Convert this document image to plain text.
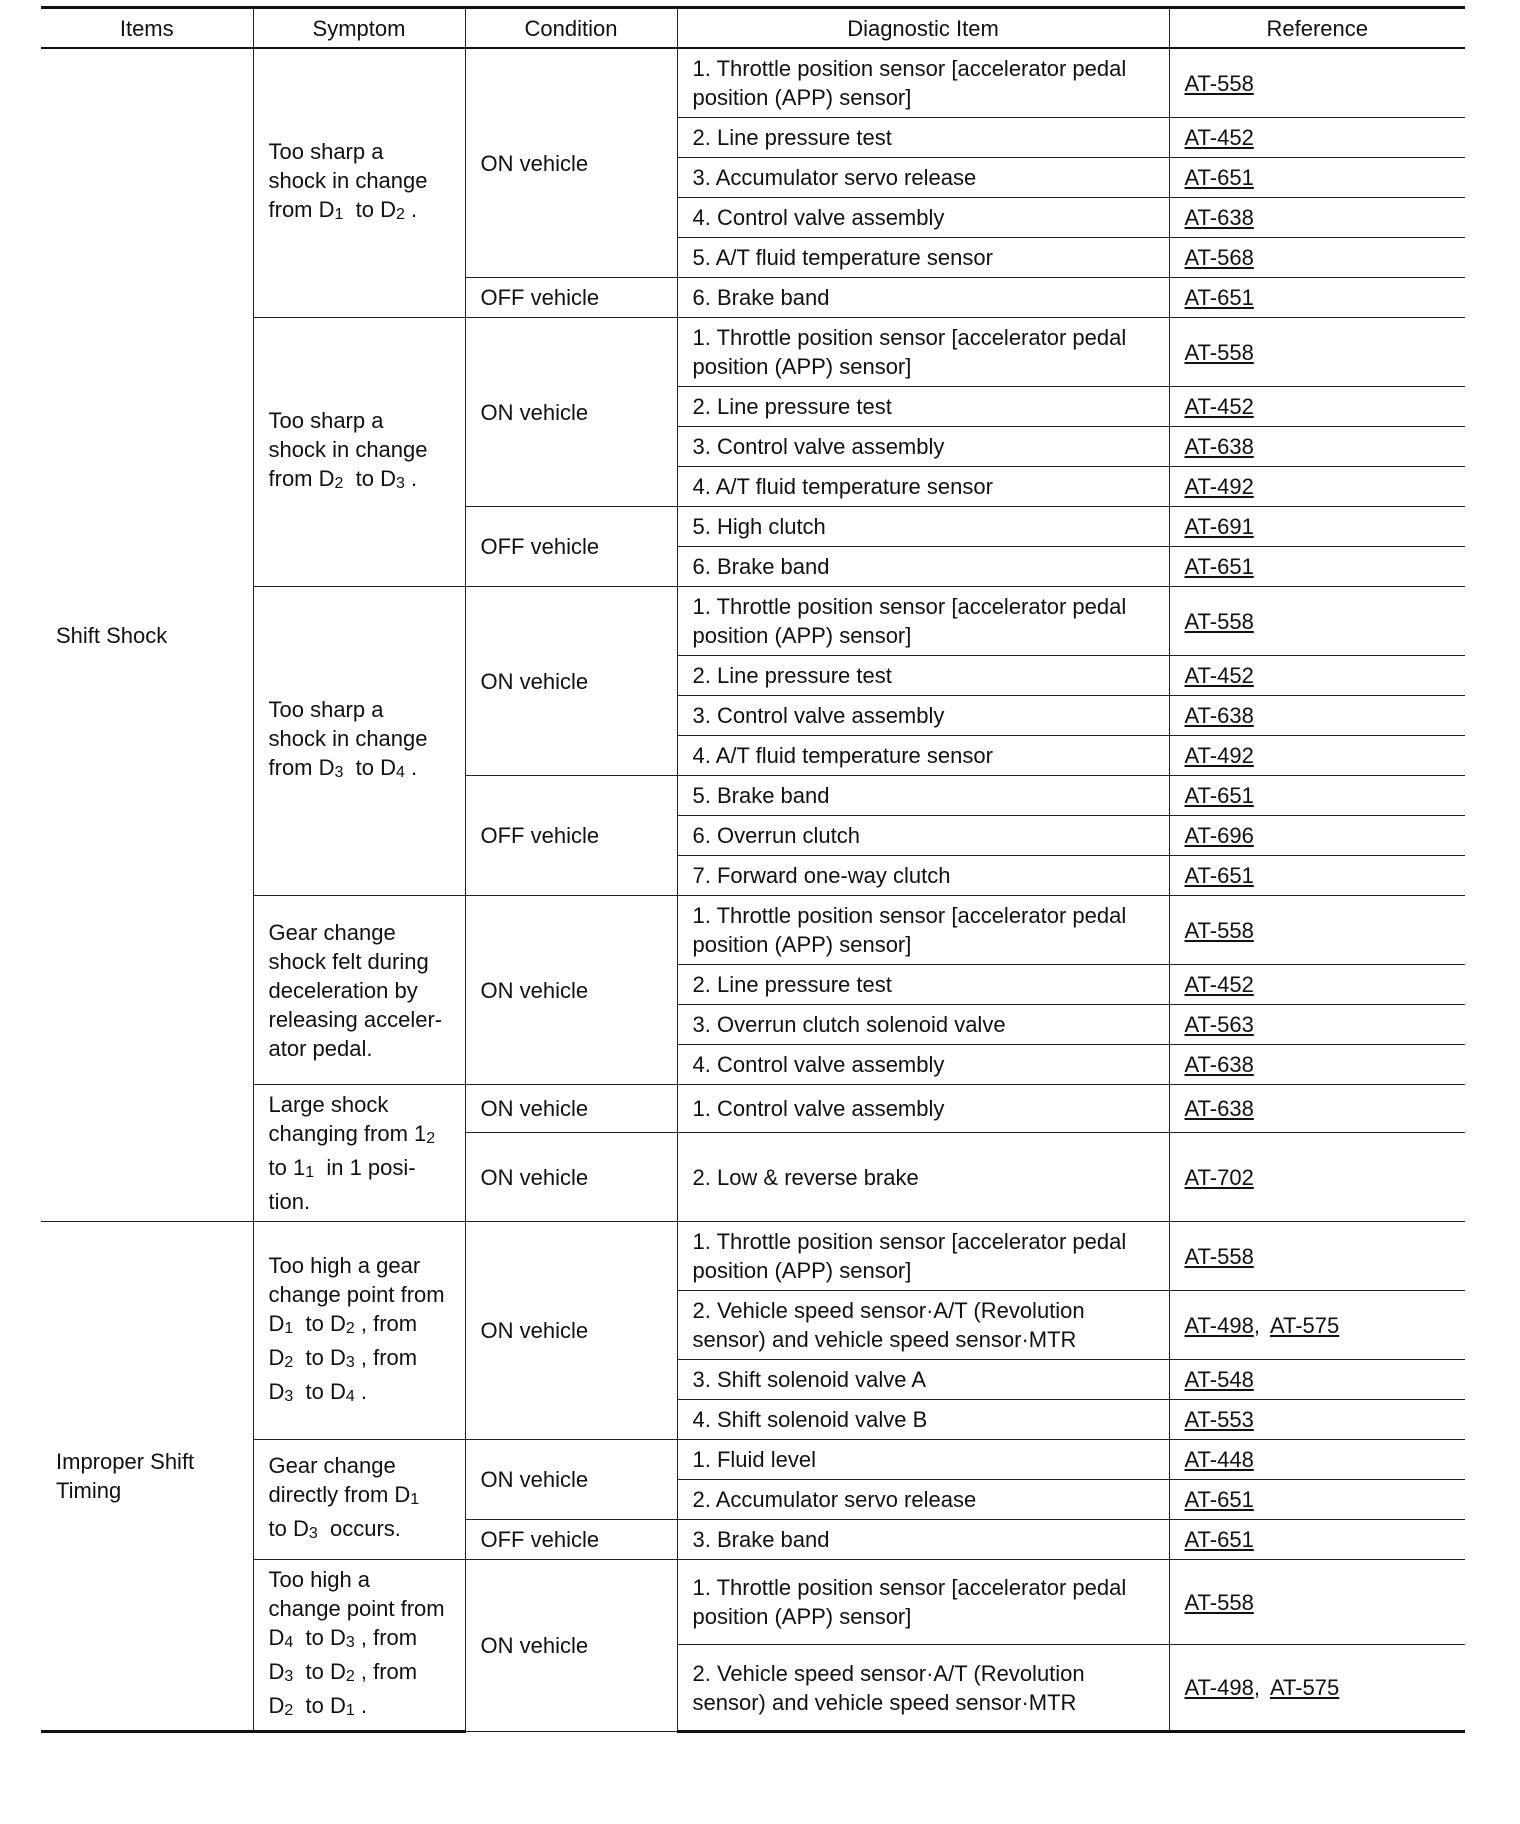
Items	Symptom	Condition	Diagnostic Item	Reference
Shift Shock	Too sharp a
shock in change
from $D_1$  to $D_2$ .	ON vehicle	1. Throttle position sensor [accelerator pedal position (APP) sensor]	AT-558
			2. Line pressure test	AT-452
			3. Accumulator servo release	AT-651
			4. Control valve assembly	AT-638
			5. A/T fluid temperature sensor	AT-568
		OFF vehicle	6. Brake band	AT-651
	Too sharp a
shock in change
from $D_2$  to $D_3$ .	ON vehicle	1. Throttle position sensor [accelerator pedal position (APP) sensor]	AT-558
			2. Line pressure test	AT-452
			3. Control valve assembly	AT-638
			4. A/T fluid temperature sensor	AT-492
		OFF vehicle	5. High clutch	AT-691
			6. Brake band	AT-651
	Too sharp a
shock in change
from $D_3$  to $D_4$ .	ON vehicle	1. Throttle position sensor [accelerator pedal position (APP) sensor]	AT-558
			2. Line pressure test	AT-452
			3. Control valve assembly	AT-638
			4. A/T fluid temperature sensor	AT-492
		OFF vehicle	5. Brake band	AT-651
			6. Overrun clutch	AT-696
			7. Forward one-way clutch	AT-651
	Gear change shock felt during deceleration by releasing acceler- ator pedal.	ON vehicle	1. Throttle position sensor [accelerator pedal position (APP) sensor]	AT-558
			2. Line pressure test	AT-452
			3. Overrun clutch solenoid valve	AT-563
			4. Control valve assembly	AT-638
	Large shock
changing from $1_2$
to $1_1$  in 1 posi-
tion.	ON vehicle	1. Control valve assembly	AT-638
		ON vehicle	2. Low & reverse brake	AT-702
Improper Shift Timing	Too high a gear
change point from
$D_1$  to $D_2$ , from
$D_2$  to $D_3$ , from
$D_3$  to $D_4$ .	ON vehicle	1. Throttle position sensor [accelerator pedal position (APP) sensor]	AT-558
			2. Vehicle speed sensor·A/T (Revolution sensor) and vehicle speed sensor·MTR	AT-498, AT-575
			3. Shift solenoid valve A	AT-548
			4. Shift solenoid valve B	AT-553
	Gear change
directly from $D_1$
to $D_3$  occurs.	ON vehicle	1. Fluid level	AT-448
			2. Accumulator servo release	AT-651
		OFF vehicle	3. Brake band	AT-651
	Too high a
change point from
$D_4$  to $D_3$ , from
$D_3$  to $D_2$ , from
$D_2$  to $D_1$ .	ON vehicle	1. Throttle position sensor [accelerator pedal position (APP) sensor]	AT-558
			2. Vehicle speed sensor·A/T (Revolution sensor) and vehicle speed sensor·MTR	AT-498, AT-575
